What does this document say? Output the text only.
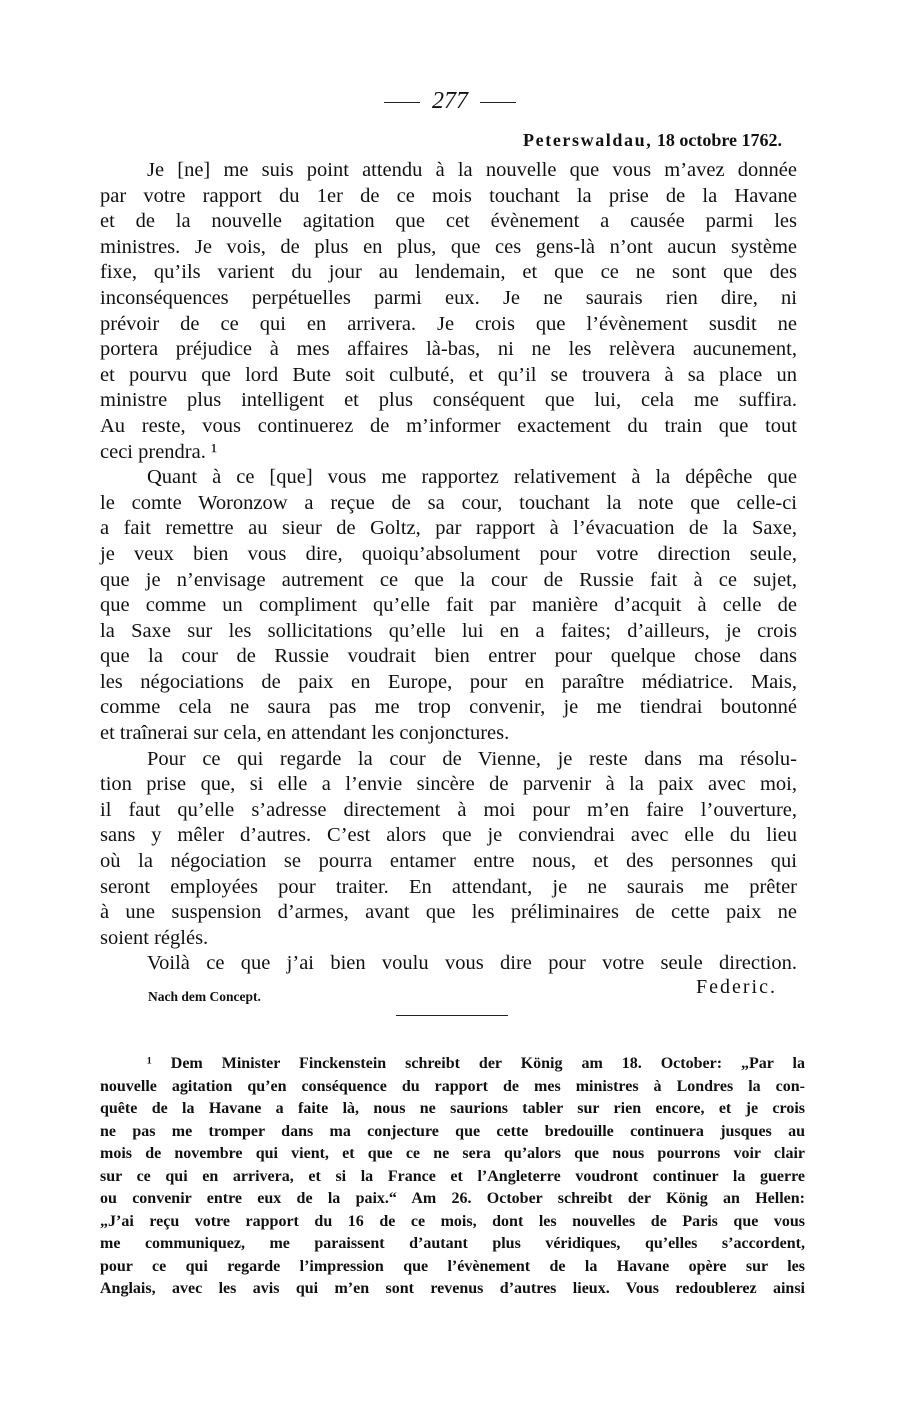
277
Peterswaldau, 18 octobre 1762.
Je [ne] me suis point attendu à la nouvelle que vous m’avez donnée
par votre rapport du 1er de ce mois touchant la prise de la Havane
et de la nouvelle agitation que cet évènement a causée parmi les
ministres. Je vois, de plus en plus, que ces gens-là n’ont aucun système
fixe, qu’ils varient du jour au lendemain, et que ce ne sont que des
inconséquences perpétuelles parmi eux. Je ne saurais rien dire, ni
prévoir de ce qui en arrivera. Je crois que l’évènement susdit ne
portera préjudice à mes affaires là-bas, ni ne les relèvera aucunement,
et pourvu que lord Bute soit culbuté, et qu’il se trouvera à sa place un
ministre plus intelligent et plus conséquent que lui, cela me suffira.
Au reste, vous continuerez de m’informer exactement du train que tout
ceci prendra. ¹
Quant à ce [que] vous me rapportez relativement à la dépêche que
le comte Woronzow a reçue de sa cour, touchant la note que celle-ci
a fait remettre au sieur de Goltz, par rapport à l’évacuation de la Saxe,
je veux bien vous dire, quoiqu’absolument pour votre direction seule,
que je n’envisage autrement ce que la cour de Russie fait à ce sujet,
que comme un compliment qu’elle fait par manière d’acquit à celle de
la Saxe sur les sollicitations qu’elle lui en a faites; d’ailleurs, je crois
que la cour de Russie voudrait bien entrer pour quelque chose dans
les négociations de paix en Europe, pour en paraître médiatrice. Mais,
comme cela ne saura pas me trop convenir, je me tiendrai boutonné
et traînerai sur cela, en attendant les conjonctures.
Pour ce qui regarde la cour de Vienne, je reste dans ma résolu-
tion prise que, si elle a l’envie sincère de parvenir à la paix avec moi,
il faut qu’elle s’adresse directement à moi pour m’en faire l’ouverture,
sans y mêler d’autres. C’est alors que je conviendrai avec elle du lieu
où la négociation se pourra entamer entre nous, et des personnes qui
seront employées pour traiter. En attendant, je ne saurais me prêter
à une suspension d’armes, avant que les préliminaires de cette paix ne
soient réglés.
Voilà ce que j’ai bien voulu vous dire pour votre seule direction.
Nach dem Concept.	Federic.
¹ Dem Minister Finckenstein schreibt der König am 18. October: „Par la
nouvelle agitation qu’en conséquence du rapport de mes ministres à Londres la con-
quête de la Havane a faite là, nous ne saurions tabler sur rien encore, et je crois
ne pas me tromper dans ma conjecture que cette bredouille continuera jusques au
mois de novembre qui vient, et que ce ne sera qu’alors que nous pourrons voir clair
sur ce qui en arrivera, et si la France et l’Angleterre voudront continuer la guerre
ou convenir entre eux de la paix.“ Am 26. October schreibt der König an Hellen:
„J’ai reçu votre rapport du 16 de ce mois, dont les nouvelles de Paris que vous
me communiquez, me paraissent d’autant plus véridiques, qu’elles s’accordent,
pour ce qui regarde l’impression que l’évènement de la Havane opère sur les
Anglais, avec les avis qui m’en sont revenus d’autres lieux. Vous redoublerez ainsi
